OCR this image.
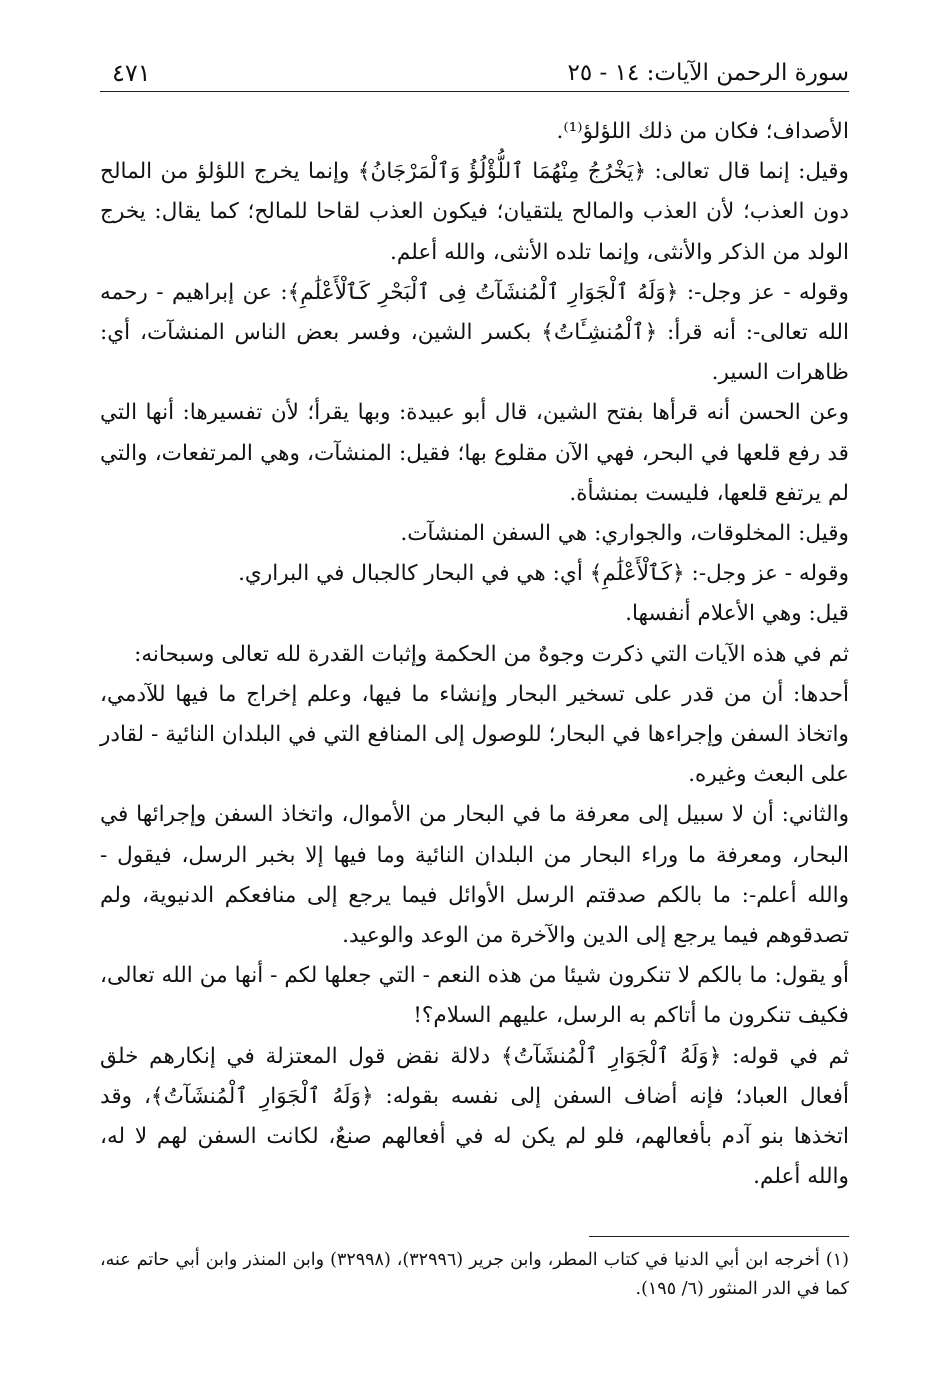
سورة الرحمن الآيات: ١٤ - ٢٥
٤٧١

الأصداف؛ فكان من ذلك اللؤلؤ⁽¹⁾.

وقيل: إنما قال تعالى: ﴿يَخْرُجُ مِنْهُمَا ٱللُّؤْلُؤُ وَٱلْمَرْجَانُ﴾ وإنما يخرج اللؤلؤ من المالح دون العذب؛ لأن العذب والمالح يلتقيان؛ فيكون العذب لقاحا للمالح؛ كما يقال: يخرج الولد من الذكر والأنثى، وإنما تلده الأنثى، والله أعلم.

وقوله - عز وجل-: ﴿وَلَهُ ٱلْجَوَارِ ٱلْمُنشَآتُ فِى ٱلْبَحْرِ كَٱلْأَعْلَٰمِ﴾: عن إبراهيم - رحمه الله تعالى-: أنه قرأ: ﴿ٱلْمُنشِـَٔاتُ﴾ بكسر الشين، وفسر بعض الناس المنشآت، أي: ظاهرات السير.

وعن الحسن أنه قرأها بفتح الشين، قال أبو عبيدة: وبها يقرأ؛ لأن تفسيرها: أنها التي قد رفع قلعها في البحر، فهي الآن مقلوع بها؛ فقيل: المنشآت، وهي المرتفعات، والتي لم يرتفع قلعها، فليست بمنشأة.

وقيل: المخلوقات، والجواري: هي السفن المنشآت.

وقوله - عز وجل-: ﴿كَٱلْأَعْلَٰمِ﴾ أي: هي في البحار كالجبال في البراري.

قيل: وهي الأعلام أنفسها.

ثم في هذه الآيات التي ذكرت وجوهٌ من الحكمة وإثبات القدرة لله تعالى وسبحانه:

أحدها: أن من قدر على تسخير البحار وإنشاء ما فيها، وعلم إخراج ما فيها للآدمي، واتخاذ السفن وإجراءها في البحار؛ للوصول إلى المنافع التي في البلدان النائية - لقادر على البعث وغيره.

والثاني: أن لا سبيل إلى معرفة ما في البحار من الأموال، واتخاذ السفن وإجرائها في البحار، ومعرفة ما وراء البحار من البلدان النائية وما فيها إلا بخبر الرسل، فيقول - والله أعلم-: ما بالكم صدقتم الرسل الأوائل فيما يرجع إلى منافعكم الدنيوية، ولم تصدقوهم فيما يرجع إلى الدين والآخرة من الوعد والوعيد.

أو يقول: ما بالكم لا تنكرون شيئا من هذه النعم - التي جعلها لكم - أنها من الله تعالى، فكيف تنكرون ما أتاكم به الرسل، عليهم السلام؟!

ثم في قوله: ﴿وَلَهُ ٱلْجَوَارِ ٱلْمُنشَآتُ﴾ دلالة نقض قول المعتزلة في إنكارهم خلق أفعال العباد؛ فإنه أضاف السفن إلى نفسه بقوله: ﴿وَلَهُ ٱلْجَوَارِ ٱلْمُنشَآتُ﴾، وقد اتخذها بنو آدم بأفعالهم، فلو لم يكن له في أفعالهم صنعٌ، لكانت السفن لهم لا له، والله أعلم.

(١) أخرجه ابن أبي الدنيا في كتاب المطر، وابن جرير (٣٢٩٩٦)، (٣٢٩٩٨) وابن المنذر وابن أبي حاتم عنه، كما في الدر المنثور (٦/ ١٩٥).
